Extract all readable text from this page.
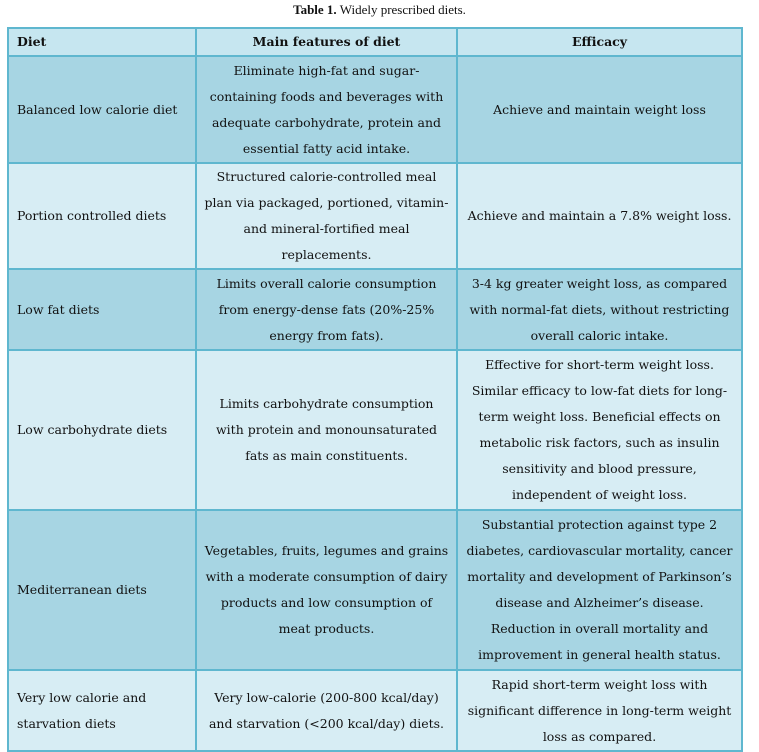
Table 1. Widely prescribed diets.
Diet	Main features of diet	Efficacy
Balanced low calorie diet	Eliminate high-fat and sugar-containing foods and beverages with adequate carbohydrate, protein and essential fatty acid intake.	Achieve and maintain weight loss
Portion controlled diets	Structured calorie-controlled meal plan via packaged, portioned, vitamin- and mineral-fortified meal replacements.	Achieve and maintain a 7.8% weight loss.
Low fat diets	Limits overall calorie consumption from energy-dense fats (20%-25% energy from fats).	3-4 kg greater weight loss, as compared with normal-fat diets, without restricting overall caloric intake.
Low carbohydrate diets	Limits carbohydrate consumption with protein and monounsaturated fats as main constituents.	Effective for short-term weight loss. Similar efficacy to low-fat diets for long-term weight loss. Beneficial effects on metabolic risk factors, such as insulin sensitivity and blood pressure, independent of weight loss.
Mediterranean diets	Vegetables, fruits, legumes and grains with a moderate consumption of dairy products and low consumption of meat products.	Substantial protection against type 2 diabetes, cardiovascular mortality, cancer mortality and development of Parkinson’s disease and Alzheimer’s disease. Reduction in overall mortality and improvement in general health status.
Very low calorie and starvation diets	Very low-calorie (200-800 kcal/day) and starvation (<200 kcal/day) diets.	Rapid short-term weight loss with significant difference in long-term weight loss as compared.
